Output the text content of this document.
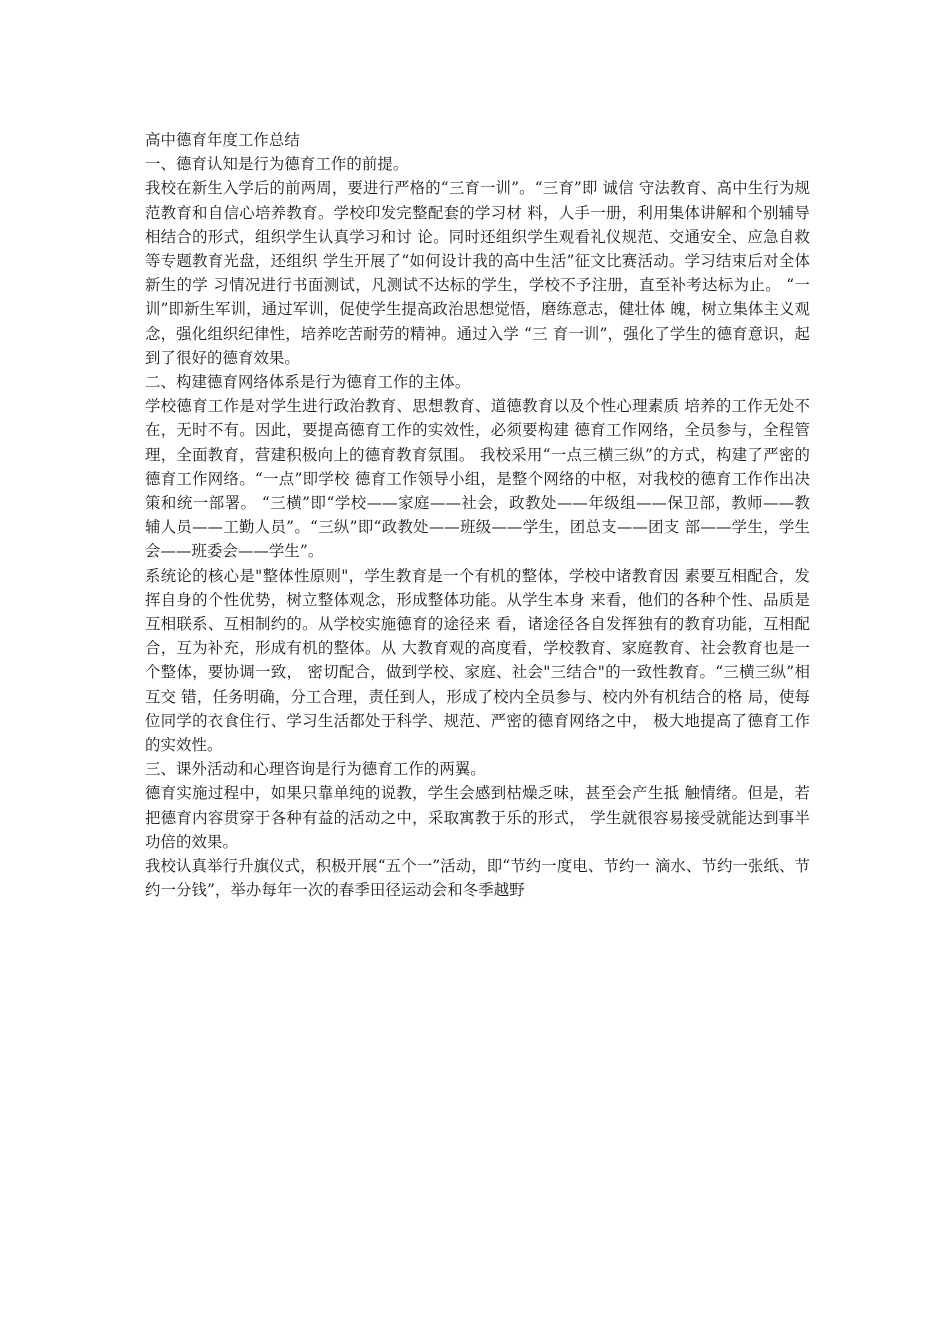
高中德育年度工作总结

一、德育认知是行为德育工作的前提。

我校在新生入学后的前两周，要进行严格的“三育一训”。“三育”即 诚信 守法教育、高中生行为规范教育和自信心培养教育。学校印发完整配套的学习材 料，人手一册，利用集体讲解和个别辅导相结合的形式，组织学生认真学习和讨 论。同时还组织学生观看礼仪规范、交通安全、应急自救等专题教育光盘，还组织 学生开展了“如何设计我的高中生活”征文比赛活动。学习结束后对全体新生的学 习情况进行书面测试，凡测试不达标的学生，学校不予注册，直至补考达标为止。 “一训”即新生军训，通过军训，促使学生提高政治思想觉悟，磨练意志，健壮体 魄，树立集体主义观念，强化组织纪律性，培养吃苦耐劳的精神。通过入学 “三 育一训”，强化了学生的德育意识，起到了很好的德育效果。

二、构建德育网络体系是行为德育工作的主体。

学校德育工作是对学生进行政治教育、思想教育、道德教育以及个性心理素质 培养的工作无处不在，无时不有。因此，要提高德育工作的实效性，必须要构建 德育工作网络，全员参与，全程管理，全面教育，营建积极向上的德育教育氛围。 我校采用“一点三横三纵”的方式，构建了严密的德育工作网络。“一点”即学校 德育工作领导小组，是整个网络的中枢，对我校的德育工作作出决策和统一部署。 “三横”即“学校——家庭——社会，政教处——年级组——保卫部，教师——教 辅人员——工勤人员”。“三纵”即“政教处——班级——学生，团总支——团支 部——学生，学生会——班委会——学生”。

系统论的核心是"整体性原则"，学生教育是一个有机的整体，学校中诸教育因 素要互相配合，发挥自身的个性优势，树立整体观念，形成整体功能。从学生本身 来看，他们的各种个性、品质是互相联系、互相制约的。从学校实施德育的途径来 看，诸途径各自发挥独有的教育功能，互相配合，互为补充，形成有机的整体。从 大教育观的高度看，学校教育、家庭教育、社会教育也是一个整体，要协调一致， 密切配合，做到学校、家庭、社会"三结合"的一致性教育。“三横三纵”相互交 错，任务明确，分工合理，责任到人，形成了校内全员参与、校内外有机结合的格 局，使每位同学的衣食住行、学习生活都处于科学、规范、严密的德育网络之中， 极大地提高了德育工作的实效性。

三、课外活动和心理咨询是行为德育工作的两翼。

德育实施过程中，如果只靠单纯的说教，学生会感到枯燥乏味，甚至会产生抵 触情绪。但是，若把德育内容贯穿于各种有益的活动之中，采取寓教于乐的形式， 学生就很容易接受就能达到事半功倍的效果。

我校认真举行升旗仪式，积极开展“五个一”活动，即“节约一度电、节约一 滴水、节约一张纸、节约一分钱”，举办每年一次的春季田径运动会和冬季越野
